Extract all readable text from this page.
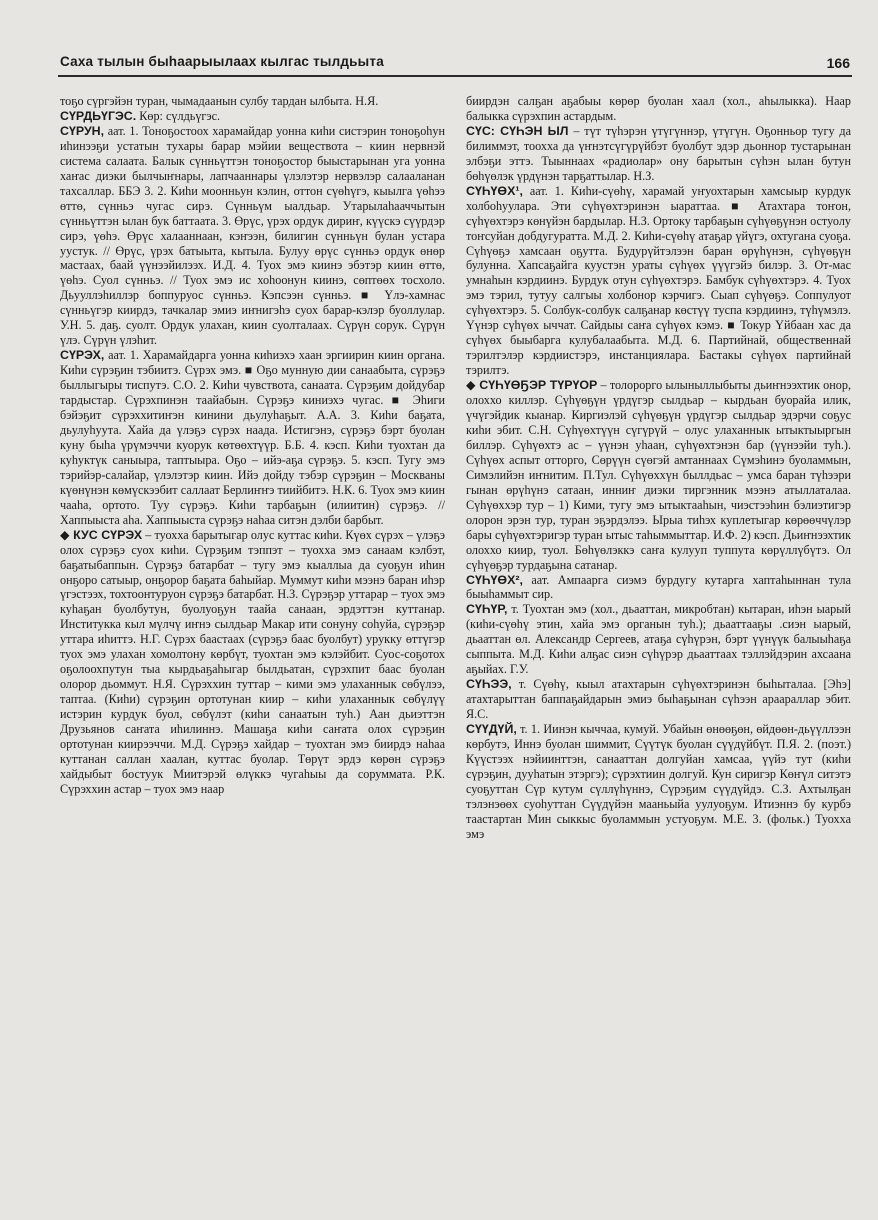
Саха тылын быһаарыылаах кылгас тылдьыта	166

тоҕо сүргэйэн туран, чымадаанын сулбу тардан ылбыта. Н.Я.

СҮРДЬҮГЭС. Көр: сүлдьүгэс.

СҮРУН, аат. 1. Тоноҕостоох харамайдар уонна киһи систэрин тоноҕоһун иһинээҕи устатын тухары барар мэйии веществота – киин нервнэй система салаата. Балык сүнньүттэн тоноҕостор быыстарынан уга уонна хаҥас диэки былчыҥнары, лапчааннары үлэлэтэр нервэлэр салааланан тахсаллар. ББЭ 3. 2. Киһи моонньун кэлин, оттон сүөһүгэ, кыылга үөһээ өттө, сүнньэ чугас сирэ. Сүнньүм ыалдьар. Утарылаһааччытын сүнньүттэн ылан бук баттаата. 3. Өрүс, үрэх ордук дириҥ, күүскэ сүүрдэр сирэ, үөһэ. Өрүс халааннаан, кэҥээн, билигин сүнньүн булан устара уустук. // Өрүс, үрэх батыыта, кытыла. Булуу өрүс сүнньэ ордук өнөр мастаах, баай үүнээйилээх. И.Д. 4. Туох эмэ киинэ эбэтэр киин өттө, үөһэ. Суол сүнньэ. // Туох эмэ ис хоһоонун киинэ, сөптөөх тосхоло. Дьууллэһиллэр боппуруос сүнньэ. Кэпсээн сүнньэ. ■ Үлэ-хамнас сүнньүгэр киирдэ, тачкалар эмиэ иҥнигэһэ суох барар-кэлэр буоллулар. У.Н. 5. даҕ. суолт. Ордук улахан, киин суолталаах. Сүрүн сорук. Сүрүн үлэ. Сүрүн үлэһит.

СҮРЭХ, аат. 1. Харамайдарга уонна киһиэхэ хаан эргиирин киин органа. Киһи сүрэҕин тэбиитэ. Сүрэх эмэ. ■ Оҕо мунную дии санаабыта, сүрэҕэ быллыгыры тиспутэ. С.О. 2. Киһи чувствота, санаата. Сүрэҕим дойдубар тардыстар. Сүрэхпинэн таайабын. Сүрэҕэ киниэхэ чугас. ■ Эһиги бэйэҕит сүрэххитиҥэн кинини дьулуһаҕыт. А.А. 3. Киһи баҕата, дьулуһуута. Хайа да үлэҕэ сүрэх наада. Истигэнэ, сүрэҕэ бэрт буолан куну быһа үрүмэччи куорук көтөөхтүүр. Б.Б. 4. кэсп. Киһи туохтан да куһуктүк саныыра, таптыыра. Оҕо – ийэ-аҕа сүрэҕэ. 5. кэсп. Тугу эмэ тэрийэр-салайар, үлэлэтэр киин. Ийэ дойду тэбэр сүрэҕин – Москваны күөнүнэн көмүскээбит саллаат Берлиҥҥэ тиийбитэ. Н.К. 6. Туох эмэ киин чааһа, ортото. Туу сүрэҕэ. Киһи тарбаҕын (илиитин) сүрэҕэ. // Хаппыыста аһа. Хаппыыста сүрэҕэ наһаа ситэн дэлби барбыт.

◆ КУС СҮРЭХ – туохха барытыгар олус куттас киһи. Күөх сүрэх – үлэҕэ олох сүрэҕэ суох киһи. Сүрэҕим тэппэт – туохха эмэ санаам кэлбэт, баҕатыбаппын. Сүрэҕэ батарбат – тугу эмэ кыаллыа да суоҕун иһин онҕоро сатыыр, онҕорор баҕата баһыйар. Муммут киһи мээнэ баран иһэр үгэстээх, тохтоонтуруон сүрэҕэ батарбат. Н.З. Сүрэҕэр уттарар – туох эмэ куһаҕан буолбутун, буолуоҕун таайа санаан, эрдэттэн куттанар. Институкка кыл мүлчү иҥнэ сылдьар Макар ити сонуну соһуйа, сүрэҕэр уттара иһиттэ. Н.Г. Сүрэх баастаах (сүрэҕэ баас буолбут) урукку өттүгэр туох эмэ улахан хомолтону көрбүт, туохтан эмэ кэлэйбит. Суос-соҕотох оҕолоохпутун тыа кырдьаҕаһыгар былдьатан, сүрэхпит баас буолан олорор дьоммут. Н.Я. Сүрэххин туттар – кими эмэ улаханнык сөбүлээ, таптаа. (Киһи) сүрэҕин ортотунан киир – киһи улаханнык сөбүлүү истэрин курдук буол, сөбүлэт (киһи санаатын туһ.) Аан дьиэттэн Друзьянов саҥата иһилиннэ. Машаҕа киһи саҥата олох сүрэҕин ортотунан киирээччи. М.Д. Сүрэҕэ хайдар – туохтан эмэ биирдэ наһаа куттанан саллан хаалан, куттас буолар. Төрүт эрдэ көрөн сүрэҕэ хайдыбыт бостуук Миитэрэй өлүккэ чугаһыы да соруммата. Р.К. Сүрэххин астар – туох эмэ наар

биирдэн салҕан аҕабыы көрөр буолан хаал (хол., аһылыкка). Наар балыкка сүрэхпин астардым.

СҮС: СҮҺЭН ЫЛ – түт түһэрэн үтүгүннэр, үтүгүн. Оҕонньор тугу да билиммэт, тоохха да үҥнэтсүгүрүйбэт буолбут эдэр дьоннор тустарынан элбэҕи эттэ. Тыыннаах «радиолар» ону барытын сүһэн ылан бутун бөһүөлэк үрдүнэн тарҕаттылар. Н.З.

СҮҺҮӨХ¹, аат. 1. Киһи-сүөһү, харамай уҥуохтарын хамсыыр курдук холбоһуулара. Эти сүһүөхтэринэн ыараттаа. ■ Атахтара тоҥон, сүһүөхтэрэ көнүйэн бардылар. Н.З. Ортоку тарбаҕын сүһүөҕүнэн остуолу тоҥсуйан добдугуратта. М.Д. 2. Киһи-сүөһү атаҕар үйүгэ, охтугана суоҕа. Сүһүөҕэ хамсаан оҕутта. Будурүйтэлээн баран өрүһүнэн, сүһүөҕүн булунна. Хапсаҕайга куустэн ураты сүһүөх үүүгэйэ билэр. 3. От-мас умнаһын кэрдиинэ. Бурдук отун сүһүөхтэрэ. Бамбук сүһүөхтэрэ. 4. Туох эмэ тэрил, тутуу салгыы холбонор кэрчигэ. Сыап сүһүөҕэ. Соппулуот сүһүөхтэрэ. 5. Солбук-солбук салҕанар көстүү туспа кэрдиинэ, түһүмэлэ. Үүнэр сүһүөх ыччат. Сайдыы саҥа сүһүөх кэмэ. ■ Токур Үйбаан хас да сүһүөх быыбарга кулубалаабыта. М.Д. 6. Партийнай, общественнай тэрилтэлэр кэрдиистэрэ, инстанциялара. Бастакы сүһүөх партийнай тэрилтэ.

◆ СҮҺҮӨҔЭР ТҮРҮОР – толорорго ылыныллыбыты дьиҥнээхтик онор, олоххо киллэр. Сүһүөҕүн үрдүгэр сылдьар – кырдьан буорайа илик, үчүгэйдик кыанар. Киргиэлэй сүһүөҕүн үрдүгэр сылдьар эдэрчи соҕус киһи эбит. С.Н. Сүһүөхтүүн сүгүрүй – олус улаханнык ытыктыыргын биллэр. Сүһүөхтэ ас – үүнэн уһаан, сүһүөхтэнэн бар (үүнээйи туһ.). Сүһүөх аспыт отторго, Сөрүүн сүөгэй амтаннаах Сүмэһинэ буоламмын, Симэлийэн иҥнитим. П.Тул. Сүһүөххүн быллдьас – умса баран түһээри гынан өрүһүнэ сатаан, инниҥ диэки тиргэнник мээнэ атыллаталаа. Сүһүөххэр тур – 1) Кими, тугу эмэ ытыктааһын, чиэстээһин бэлиэтигэр олорон эрэн тур, туран эҕэрдэлээ. Ырыа тиһэх куплетыгар көрөөччүлэр бары сүһүөхтэригэр туран ытыс таһыммыттар. И.Ф. 2) кэсп. Дьиҥнээхтик олоххо киир, туол. Бөһүөлэккэ саҥа кулууп туппута көрүллүбүтэ. Ол сүһүөҕэр турдаҕына сатанар.

СҮҺҮӨХ², аат. Ампаарга сиэмэ бурдугу кутарга хаптаһыннан тула быыһаммыт сир.

СҮҺҮР, т. Туохтан эмэ (хол., дьааттан, микробтан) кытаран, иһэн ыарый (киһи-сүөһү этин, хайа эмэ органын туһ.); дьааттааҕы .сиэн ыарый, дьааттан өл. Александр Сергеев, атаҕа сүһүрэн, бэрт үүнүүк балыыһаҕа сыппыта. М.Д. Киһи алҕас сиэн сүһүрэр дьааттаах тэллэйдэрин ахсаана аҕыйах. Г.У.

СҮҺЭЭ, т. Сүөһү, кыыл атахтарын сүһүөхтэринэн быһыталаа. [Эһэ] атахтарыттан баппаҕайдарын эмиэ быһаҕынан сүһээн араараллар эбит. Я.С.

СҮҮДҮЙ, т. 1. Иинэн кыччаа, кумуй. Убайын өнөөҕөн, өйдөөн-дьүүллээн көрбутэ, Иннэ буолан шиммит, Сүүтүк буолан сүүдүйбүт. П.Я. 2. (поэт.) Күүстээх нэйиинттэн, санааттан долгуйан хамсаа, үүйэ тут (киһи сүрэҕин, дууһатын этэргэ); сүрэхтиин долгуй. Кун сиригэр Көҥүл ситэтэ суоҕуттан Сүр кутум сүллүһүннэ, Сүрэҕим сүүдүйдэ. С.З. Ахтылҕан тэлэнэөөх суоһуттан Сүүдүйэн мааньыйа уулуоҕум. Итиэннэ бу курбэ таастартан Мин сыккыс буоламмын устуоҕум. М.Е. 3. (фольк.) Туохха эмэ
